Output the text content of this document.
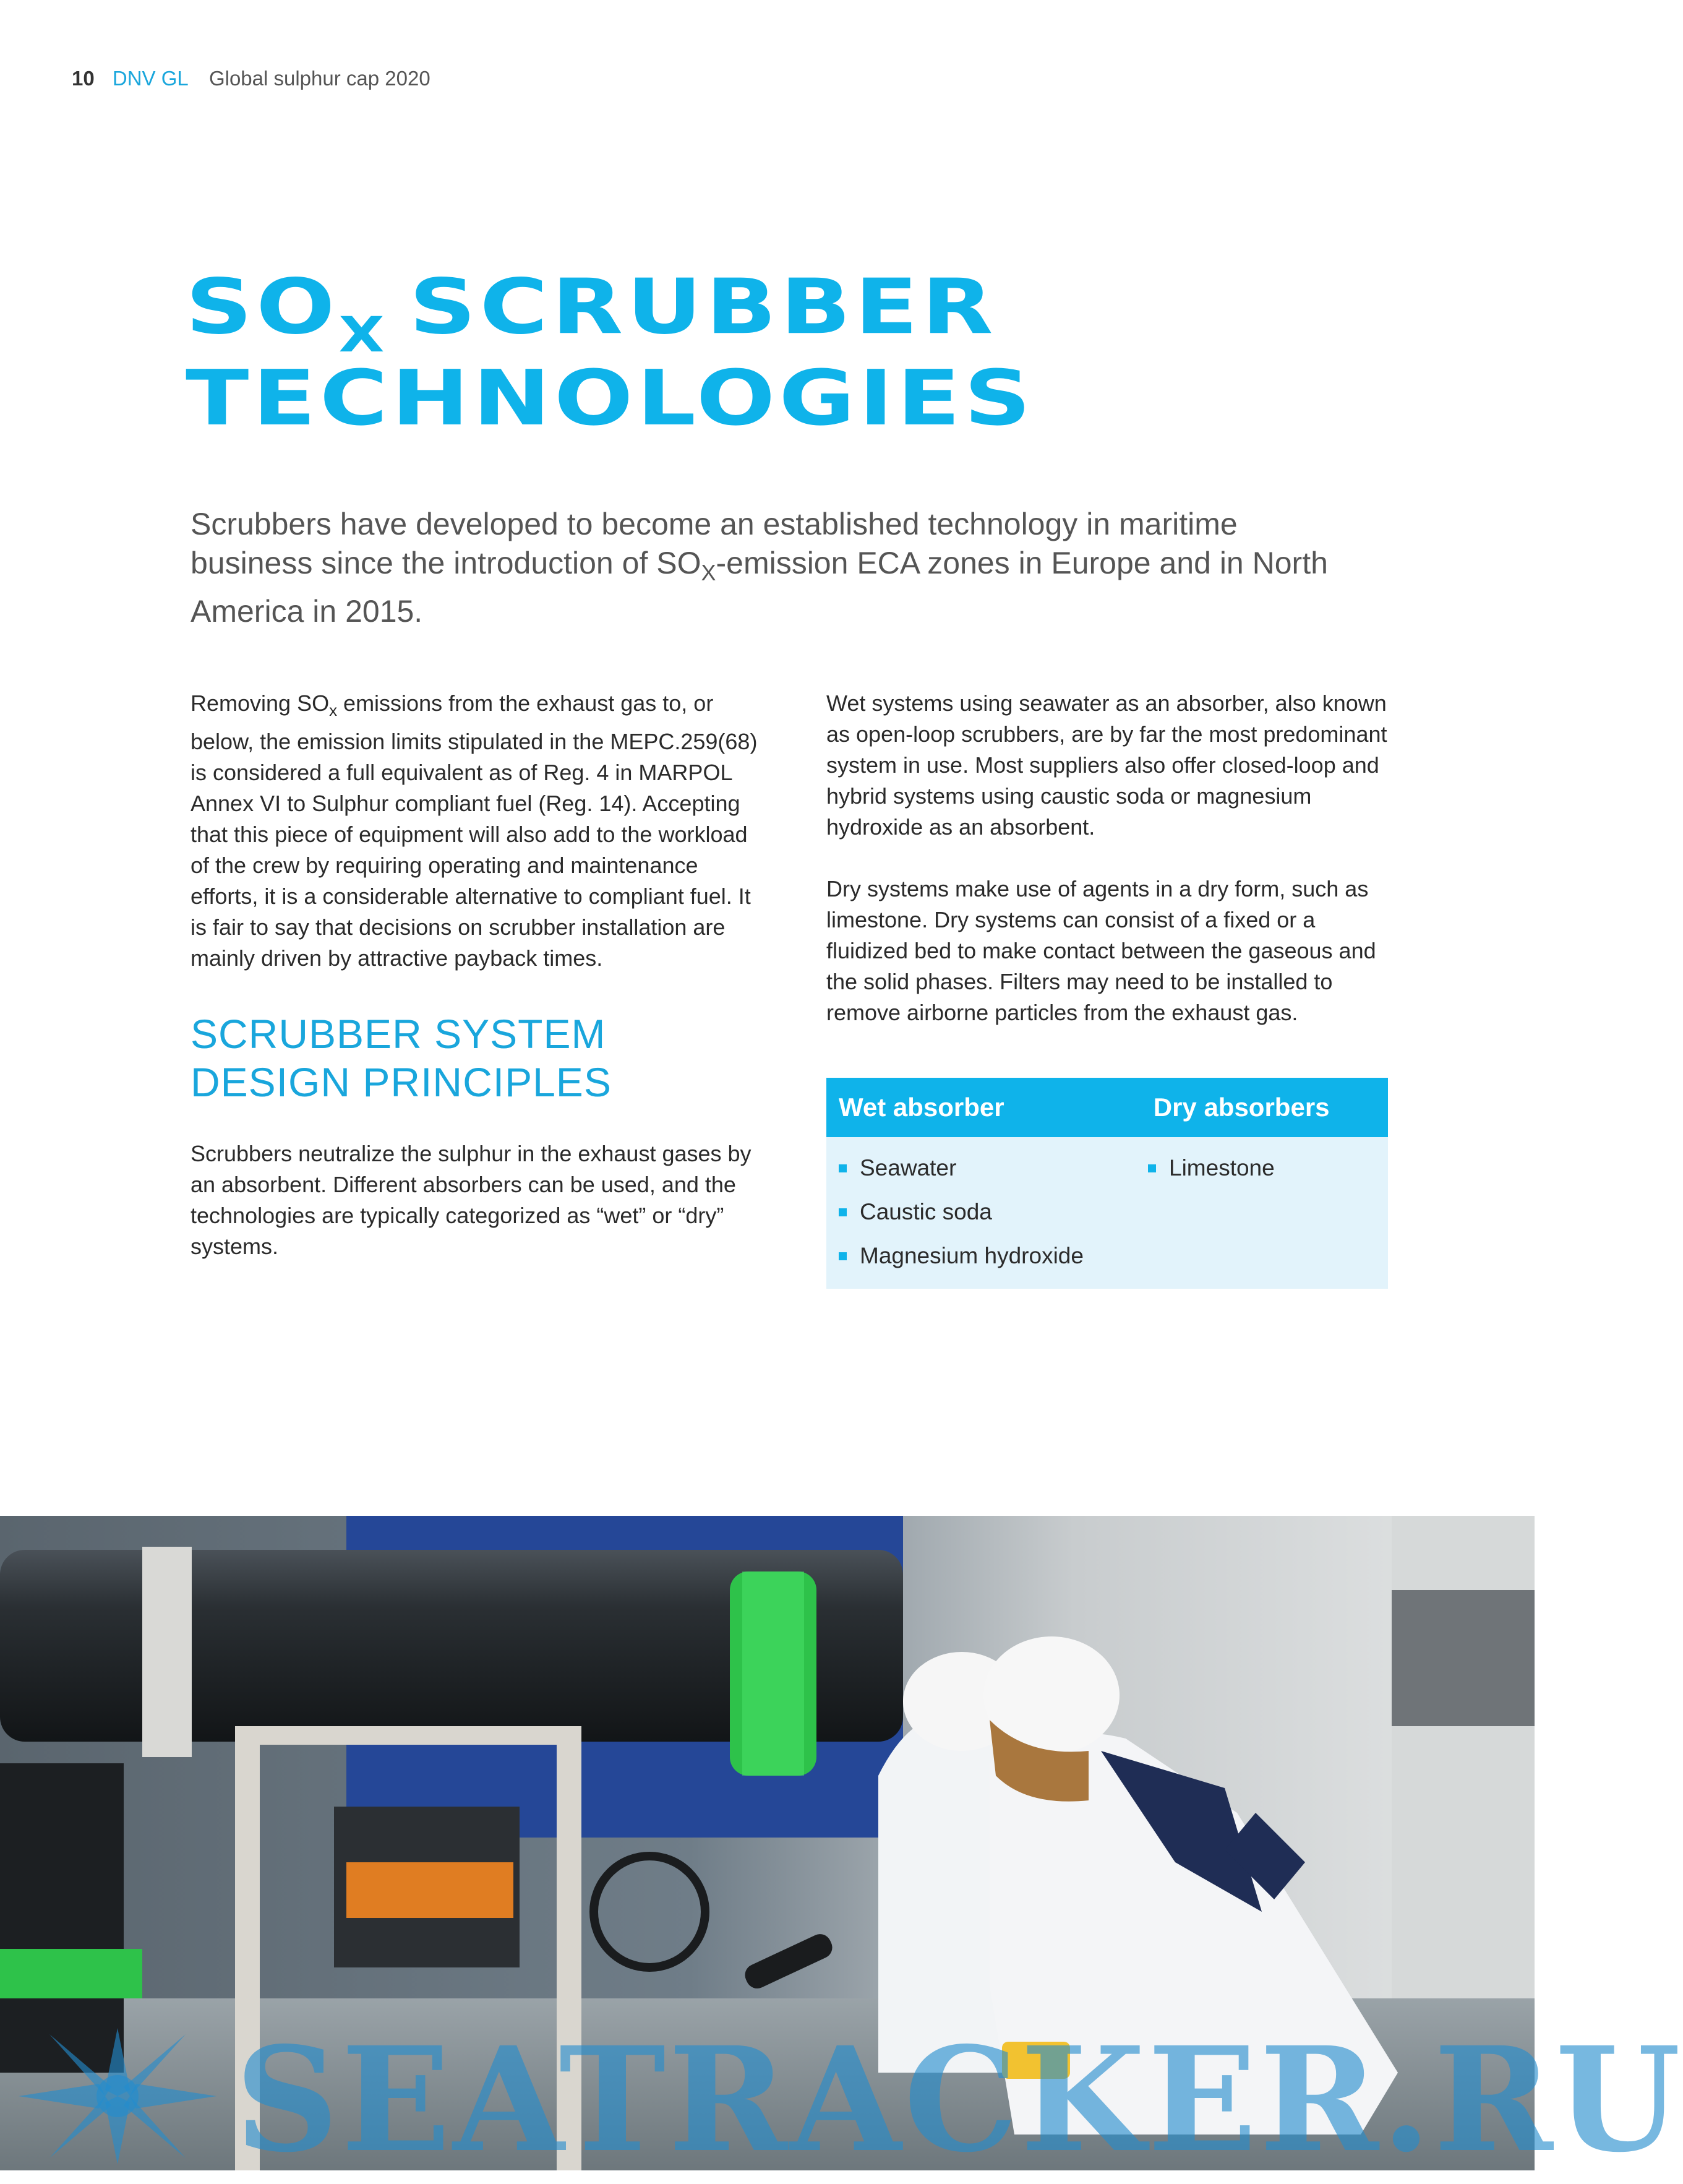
10 DNV GL Global sulphur cap 2020
$SO_X$ SCRUBBER
TECHNOLOGIES

Scrubbers have developed to become an established technology in maritime business since the introduction of $SO_X$-emission ECA zones in Europe and in North America in 2015.

Removing $SO_x$ emissions from the exhaust gas to, or below, the emission limits stipulated in the MEPC.259(68) is considered a full equivalent as of Reg. 4 in MARPOL Annex VI to Sulphur compliant fuel (Reg. 14). Accepting that this piece of equipment will also add to the workload of the crew by requiring operating and maintenance efforts, it is a considerable alternative to compliant fuel. It is fair to say that decisions on scrubber installation are mainly driven by attractive payback times.

SCRUBBER SYSTEM DESIGN PRINCIPLES

Scrubbers neutralize the sulphur in the exhaust gases by an absorbent. Different absorbers can be used, and the technologies are typically categorized as “wet” or “dry” systems.

Wet systems using seawater as an absorber, also known as open-loop scrubbers, are by far the most predominant system in use. Most suppliers also offer closed-loop and hybrid systems using caustic soda or magnesium hydroxide as an absorbent.

Dry systems make use of agents in a dry form, such as limestone. Dry systems can consist of a fixed or a fluidized bed to make contact between the gaseous and the solid phases. Filters may need to be installed to remove airborne particles from the exhaust gas.

Wet absorber	Dry absorbers
Seawater
Caustic soda
Magnesium hydroxide
Limestone
SEATRACKER.RU
